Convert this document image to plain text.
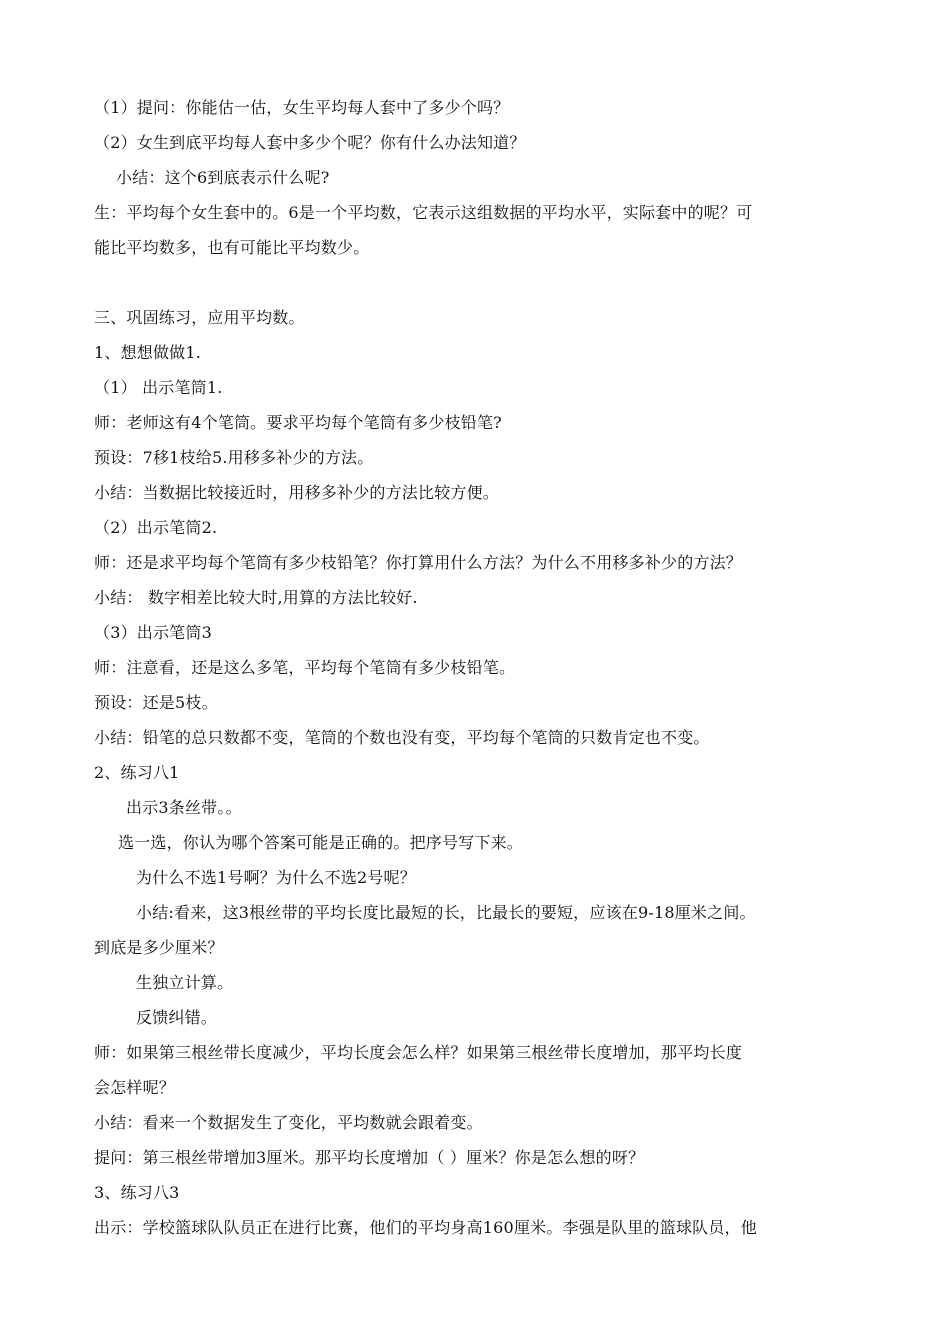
（1）提问：你能估一估，女生平均每人套中了多少个吗？
（2）女生到底平均每人套中多少个呢？你有什么办法知道？
小结：这个6到底表示什么呢?
生：平均每个女生套中的。6是一个平均数，它表示这组数据的平均水平，实际套中的呢？可
能比平均数多，也有可能比平均数少。
三、巩固练习，应用平均数。
1、想想做做1.
（1） 出示笔筒1.
师：老师这有4个笔筒。要求平均每个笔筒有多少枝铅笔?
预设：7移1枝给5.用移多补少的方法。
小结：当数据比较接近时，用移多补少的方法比较方便。
（2）出示笔筒2.
师：还是求平均每个笔筒有多少枝铅笔？你打算用什么方法？为什么不用移多补少的方法？
小结： 数字相差比较大时,用算的方法比较好.
（3）出示笔筒3
师：注意看，还是这么多笔，平均每个笔筒有多少枝铅笔。
预设：还是5枝。
小结：铅笔的总只数都不变，笔筒的个数也没有变，平均每个笔筒的只数肯定也不变。
2、练习八1
出示3条丝带。。
选一选，你认为哪个答案可能是正确的。把序号写下来。
为什么不选1号啊？为什么不选2号呢？
小结:看来，这3根丝带的平均长度比最短的长，比最长的要短，应该在9-18厘米之间。
到底是多少厘米？
生独立计算。
反馈纠错。
师：如果第三根丝带长度减少，平均长度会怎么样？如果第三根丝带长度增加，那平均长度
会怎样呢？
小结：看来一个数据发生了变化，平均数就会跟着变。
提问：第三根丝带增加3厘米。那平均长度增加（ ）厘米？你是怎么想的呀？
3、练习八3
出示：学校篮球队队员正在进行比赛，他们的平均身高160厘米。李强是队里的篮球队员，他
